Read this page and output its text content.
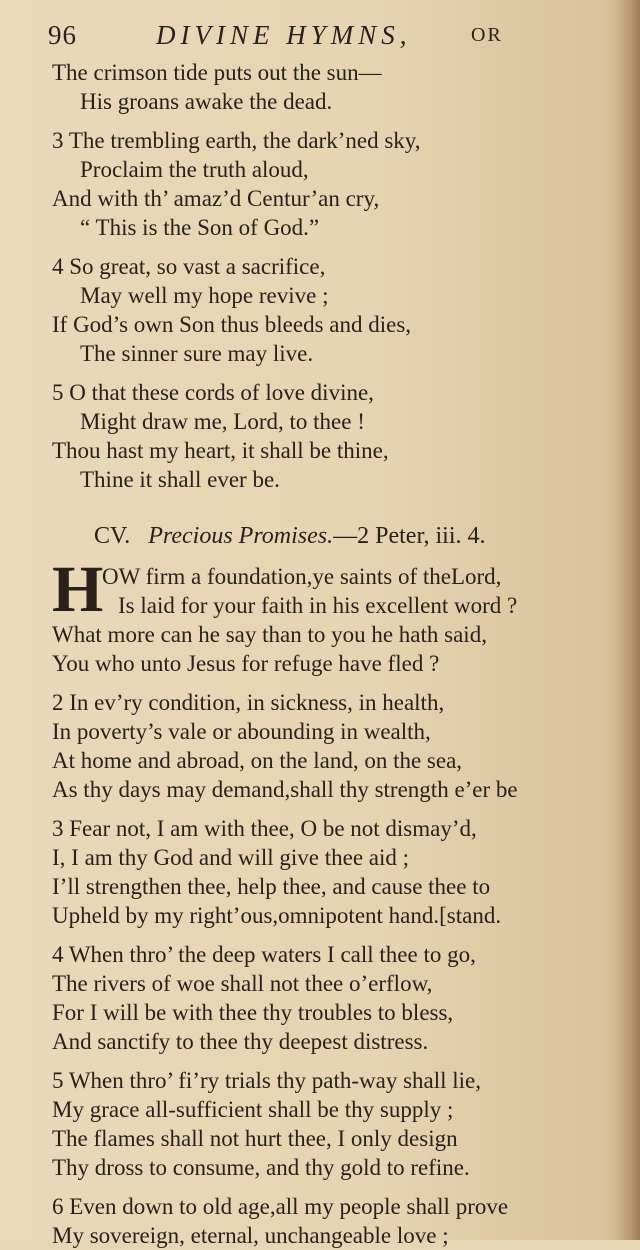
96	DIVINE HYMNS,	OR
The crimson tide puts out the sun—
His groans awake the dead.
3 The trembling earth, the dark’ned sky,
Proclaim the truth aloud,
And with th’ amaz’d Centur’an cry,
“ This is the Son of God.”
4 So great, so vast a sacrifice,
May well my hope revive ;
If God’s own Son thus bleeds and dies,
The sinner sure may live.
5 O that these cords of love divine,
Might draw me, Lord, to thee !
Thou hast my heart, it shall be thine,
Thine it shall ever be.
CV. Precious Promises.—2 Peter, iii. 4.
H
OW firm a foundation,ye saints of theLord,
Is laid for your faith in his excellent word ?
What more can he say than to you he hath said,
You who unto Jesus for refuge have fled ?
2 In ev’ry condition, in sickness, in health,
In poverty’s vale or abounding in wealth,
At home and abroad, on the land, on the sea,
As thy days may demand,shall thy strength e’er be
3 Fear not, I am with thee, O be not dismay’d,
I, I am thy God and will give thee aid ;
I’ll strengthen thee, help thee, and cause thee to
Upheld by my right’ous,omnipotent hand.[stand.
4 When thro’ the deep waters I call thee to go,
The rivers of woe shall not thee o’erflow,
For I will be with thee thy troubles to bless,
And sanctify to thee thy deepest distress.
5 When thro’ fi’ry trials thy path-way shall lie,
My grace all-sufficient shall be thy supply ;
The flames shall not hurt thee, I only design
Thy dross to consume, and thy gold to refine.
6 Even down to old age,all my people shall prove
My sovereign, eternal, unchangeable love ;
